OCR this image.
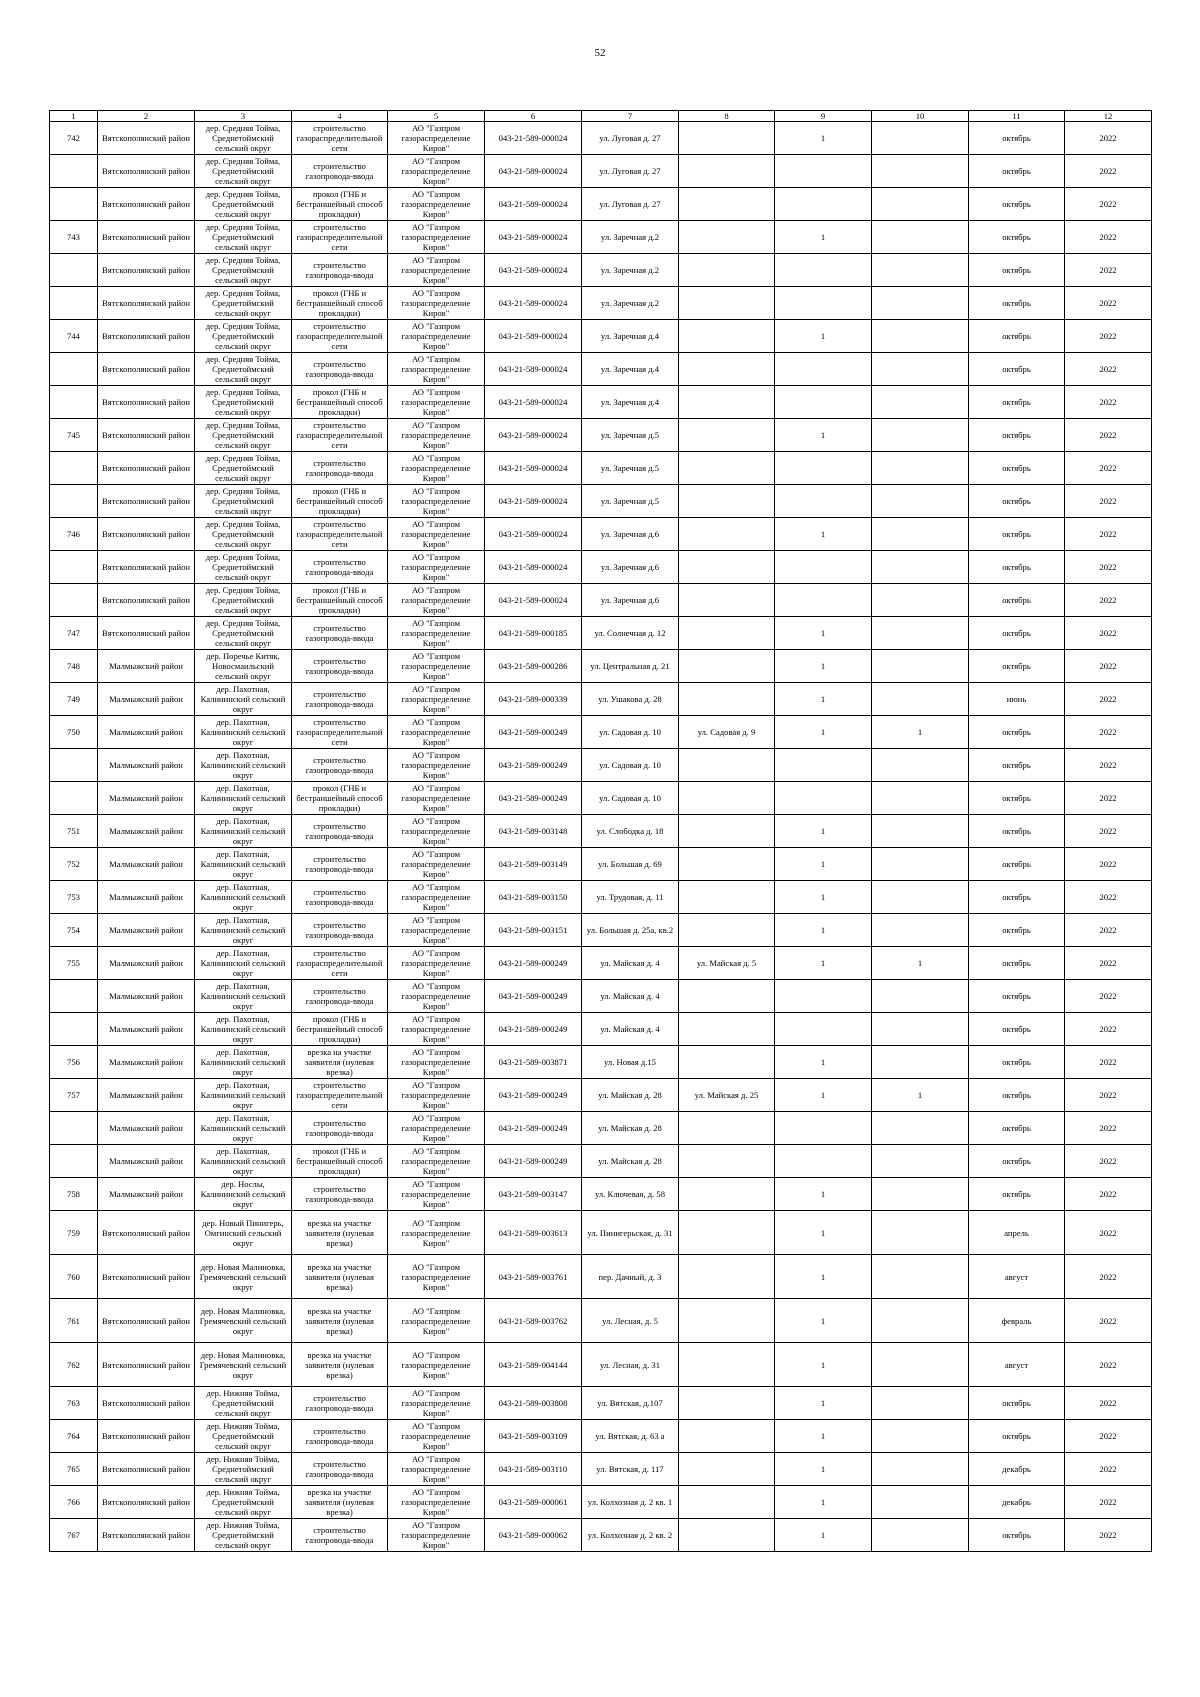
52
1	2	3	4	5	6	7	8	9	10	11	12

742	Вятскополянский район	дер. Средняя Тойма, Среднетоймский сельский округ	строительство газораспределительной сети	АО "Газпром газораспределение Киров"	043-21-589-000024	ул. Луговая д. 27		1		октябрь	2022

	Вятскополянский район	дер. Средняя Тойма, Среднетоймский сельский округ	строительство газопровода-ввода	АО "Газпром газораспределение Киров"	043-21-589-000024	ул. Луговая д. 27				октябрь	2022

	Вятскополянский район	дер. Средняя Тойма, Среднетоймский сельский округ	прокол (ГНБ и бестраншейный способ прокладки)	АО "Газпром газораспределение Киров"	043-21-589-000024	ул. Луговая д. 27				октябрь	2022

743	Вятскополянский район	дер. Средняя Тойма, Среднетоймский сельский округ	строительство газораспределительной сети	АО "Газпром газораспределение Киров"	043-21-589-000024	ул. Заречная д.2		1		октябрь	2022

	Вятскополянский район	дер. Средняя Тойма, Среднетоймский сельский округ	строительство газопровода-ввода	АО "Газпром газораспределение Киров"	043-21-589-000024	ул. Заречная д.2				октябрь	2022

	Вятскополянский район	дер. Средняя Тойма, Среднетоймский сельский округ	прокол (ГНБ и бестраншейный способ прокладки)	АО "Газпром газораспределение Киров"	043-21-589-000024	ул. Заречная д.2				октябрь	2022

744	Вятскополянский район	дер. Средняя Тойма, Среднетоймский сельский округ	строительство газораспределительной сети	АО "Газпром газораспределение Киров"	043-21-589-000024	ул. Заречная д.4		1		октябрь	2022

	Вятскополянский район	дер. Средняя Тойма, Среднетоймский сельский округ	строительство газопровода-ввода	АО "Газпром газораспределение Киров"	043-21-589-000024	ул. Заречная д.4				октябрь	2022

	Вятскополянский район	дер. Средняя Тойма, Среднетоймский сельский округ	прокол (ГНБ и бестраншейный способ прокладки)	АО "Газпром газораспределение Киров"	043-21-589-000024	ул. Заречная д.4				октябрь	2022

745	Вятскополянский район	дер. Средняя Тойма, Среднетоймский сельский округ	строительство газораспределительной сети	АО "Газпром газораспределение Киров"	043-21-589-000024	ул. Заречная д.5		1		октябрь	2022

	Вятскополянский район	дер. Средняя Тойма, Среднетоймский сельский округ	строительство газопровода-ввода	АО "Газпром газораспределение Киров"	043-21-589-000024	ул. Заречная д.5				октябрь	2022

	Вятскополянский район	дер. Средняя Тойма, Среднетоймский сельский округ	прокол (ГНБ и бестраншейный способ прокладки)	АО "Газпром газораспределение Киров"	043-21-589-000024	ул. Заречная д.5				октябрь	2022

746	Вятскополянский район	дер. Средняя Тойма, Среднетоймский сельский округ	строительство газораспределительной сети	АО "Газпром газораспределение Киров"	043-21-589-000024	ул. Заречная д.6		1		октябрь	2022

	Вятскополянский район	дер. Средняя Тойма, Среднетоймский сельский округ	строительство газопровода-ввода	АО "Газпром газораспределение Киров"	043-21-589-000024	ул. Заречная д.6				октябрь	2022

	Вятскополянский район	дер. Средняя Тойма, Среднетоймский сельский округ	прокол (ГНБ и бестраншейный способ прокладки)	АО "Газпром газораспределение Киров"	043-21-589-000024	ул. Заречная д.6				октябрь	2022

747	Вятскополянский район	дер. Средняя Тойма, Среднетоймский сельский округ	строительство газопровода-ввода	АО "Газпром газораспределение Киров"	043-21-589-000185	ул. Солнечная д. 12		1		октябрь	2022

748	Малмыжский район	дер. Поречье Китяк, Новосмаильский сельский округ	строительство газопровода-ввода	АО "Газпром газораспределение Киров"	043-21-589-000286	ул. Центральная д. 21		1		октябрь	2022

749	Малмыжский район	дер. Пахотная, Калининский сельский округ	строительство газопровода-ввода	АО "Газпром газораспределение Киров"	043-21-589-000339	ул. Ушакова д. 28		1		июнь	2022

750	Малмыжский район	дер. Пахотная, Калининский сельский округ	строительство газораспределительной сети	АО "Газпром газораспределение Киров"	043-21-589-000249	ул. Садовая д. 10	ул. Садовая д. 9	1	1	октябрь	2022

	Малмыжский район	дер. Пахотная, Калининский сельский округ	строительство газопровода-ввода	АО "Газпром газораспределение Киров"	043-21-589-000249	ул. Садовая д. 10				октябрь	2022

	Малмыжский район	дер. Пахотная, Калининский сельский округ	прокол (ГНБ и бестраншейный способ прокладки)	АО "Газпром газораспределение Киров"	043-21-589-000249	ул. Садовая д. 10				октябрь	2022

751	Малмыжский район	дер. Пахотная, Калининский сельский округ	строительство газопровода-ввода	АО "Газпром газораспределение Киров"	043-21-589-003148	ул. Слободка д. 18		1		октябрь	2022

752	Малмыжский район	дер. Пахотная, Калининский сельский округ	строительство газопровода-ввода	АО "Газпром газораспределение Киров"	043-21-589-003149	ул. Большая д. 69		1		октябрь	2022

753	Малмыжский район	дер. Пахотная, Калининский сельский округ	строительство газопровода-ввода	АО "Газпром газораспределение Киров"	043-21-589-003150	ул. Трудовая, д. 11		1		октябрь	2022

754	Малмыжский район	дер. Пахотная, Калининский сельский округ	строительство газопровода-ввода	АО "Газпром газораспределение Киров"	043-21-589-003151	ул. Большая д. 25а, кв.2		1		октябрь	2022

755	Малмыжский район	дер. Пахотная, Калининский сельский округ	строительство газораспределительной сети	АО "Газпром газораспределение Киров"	043-21-589-000249	ул. Майская д. 4	ул. Майская д. 5	1	1	октябрь	2022

	Малмыжский район	дер. Пахотная, Калининский сельский округ	строительство газопровода-ввода	АО "Газпром газораспределение Киров"	043-21-589-000249	ул. Майская д. 4				октябрь	2022

	Малмыжский район	дер. Пахотная, Калининский сельский округ	прокол (ГНБ и бестраншейный способ прокладки)	АО "Газпром газораспределение Киров"	043-21-589-000249	ул. Майская д. 4				октябрь	2022

756	Малмыжский район	дер. Пахотная, Калининский сельский округ	врезка на участке заявителя (нулевая врезка)	АО "Газпром газораспределение Киров"	043-21-589-003871	ул. Новая д.15		1		октябрь	2022

757	Малмыжский район	дер. Пахотная, Калининский сельский округ	строительство газораспределительной сети	АО "Газпром газораспределение Киров"	043-21-589-000249	ул. Майская д. 28	ул. Майская д. 25	1	1	октябрь	2022

	Малмыжский район	дер. Пахотная, Калининский сельский округ	строительство газопровода-ввода	АО "Газпром газораспределение Киров"	043-21-589-000249	ул. Майская д. 28				октябрь	2022

	Малмыжский район	дер. Пахотная, Калининский сельский округ	прокол (ГНБ и бестраншейный способ прокладки)	АО "Газпром газораспределение Киров"	043-21-589-000249	ул. Майская д. 28				октябрь	2022

758	Малмыжский район	дер. Нослы, Калининский сельский округ	строительство газопровода-ввода	АО "Газпром газораспределение Киров"	043-21-589-003147	ул. Ключевая, д. 58		1		октябрь	2022

759	Вятскополянский район	дер. Новый Пинигерь, Омгинский сельский округ	врезка на участке заявителя (нулевая врезка)	АО "Газпром газораспределение Киров"	043-21-589-003613	ул. Пинигерьская, д. 31		1		апрель	2022

760	Вятскополянский район	дер. Новая Малиновка, Гремячевский сельский округ	врезка на участке заявителя (нулевая врезка)	АО "Газпром газораспределение Киров"	043-21-589-003761	пер. Дачный, д. 3		1		август	2022

761	Вятскополянский район	дер. Новая Малиновка, Гремячевский сельский округ	врезка на участке заявителя (нулевая врезка)	АО "Газпром газораспределение Киров"	043-21-589-003762	ул. Лесная, д. 5		1		февраль	2022

762	Вятскополянский район	дер. Новая Малиновка, Гремячевский сельский округ	врезка на участке заявителя (нулевая врезка)	АО "Газпром газораспределение Киров"	043-21-589-004144	ул. Лесная, д. 31		1		август	2022

763	Вятскополянский район	дер. Нижняя Тойма, Среднетоймский сельский округ	строительство газопровода-ввода	АО "Газпром газораспределение Киров"	043-21-589-003808	ул. Вятская, д.107		1		октябрь	2022

764	Вятскополянский район	дер. Нижняя Тойма, Среднетоймский сельский округ	строительство газопровода-ввода	АО "Газпром газораспределение Киров"	043-21-589-003109	ул. Вятская, д. 63 а		1		октябрь	2022

765	Вятскополянский район	дер. Нижняя Тойма, Среднетоймский сельский округ	строительство газопровода-ввода	АО "Газпром газораспределение Киров"	043-21-589-003110	ул. Вятская, д. 117		1		декабрь	2022

766	Вятскополянский район	дер. Нижняя Тойма, Среднетоймский сельский округ	врезка на участке заявителя (нулевая врезка)	АО "Газпром газораспределение Киров"	043-21-589-000061	ул. Колхозная д. 2 кв. 1		1		декабрь	2022

767	Вятскополянский район	дер. Нижняя Тойма, Среднетоймский сельский округ	строительство газопровода-ввода	АО "Газпром газораспределение Киров"	043-21-589-000062	ул. Колхозная д. 2 кв. 2		1		октябрь	2022
